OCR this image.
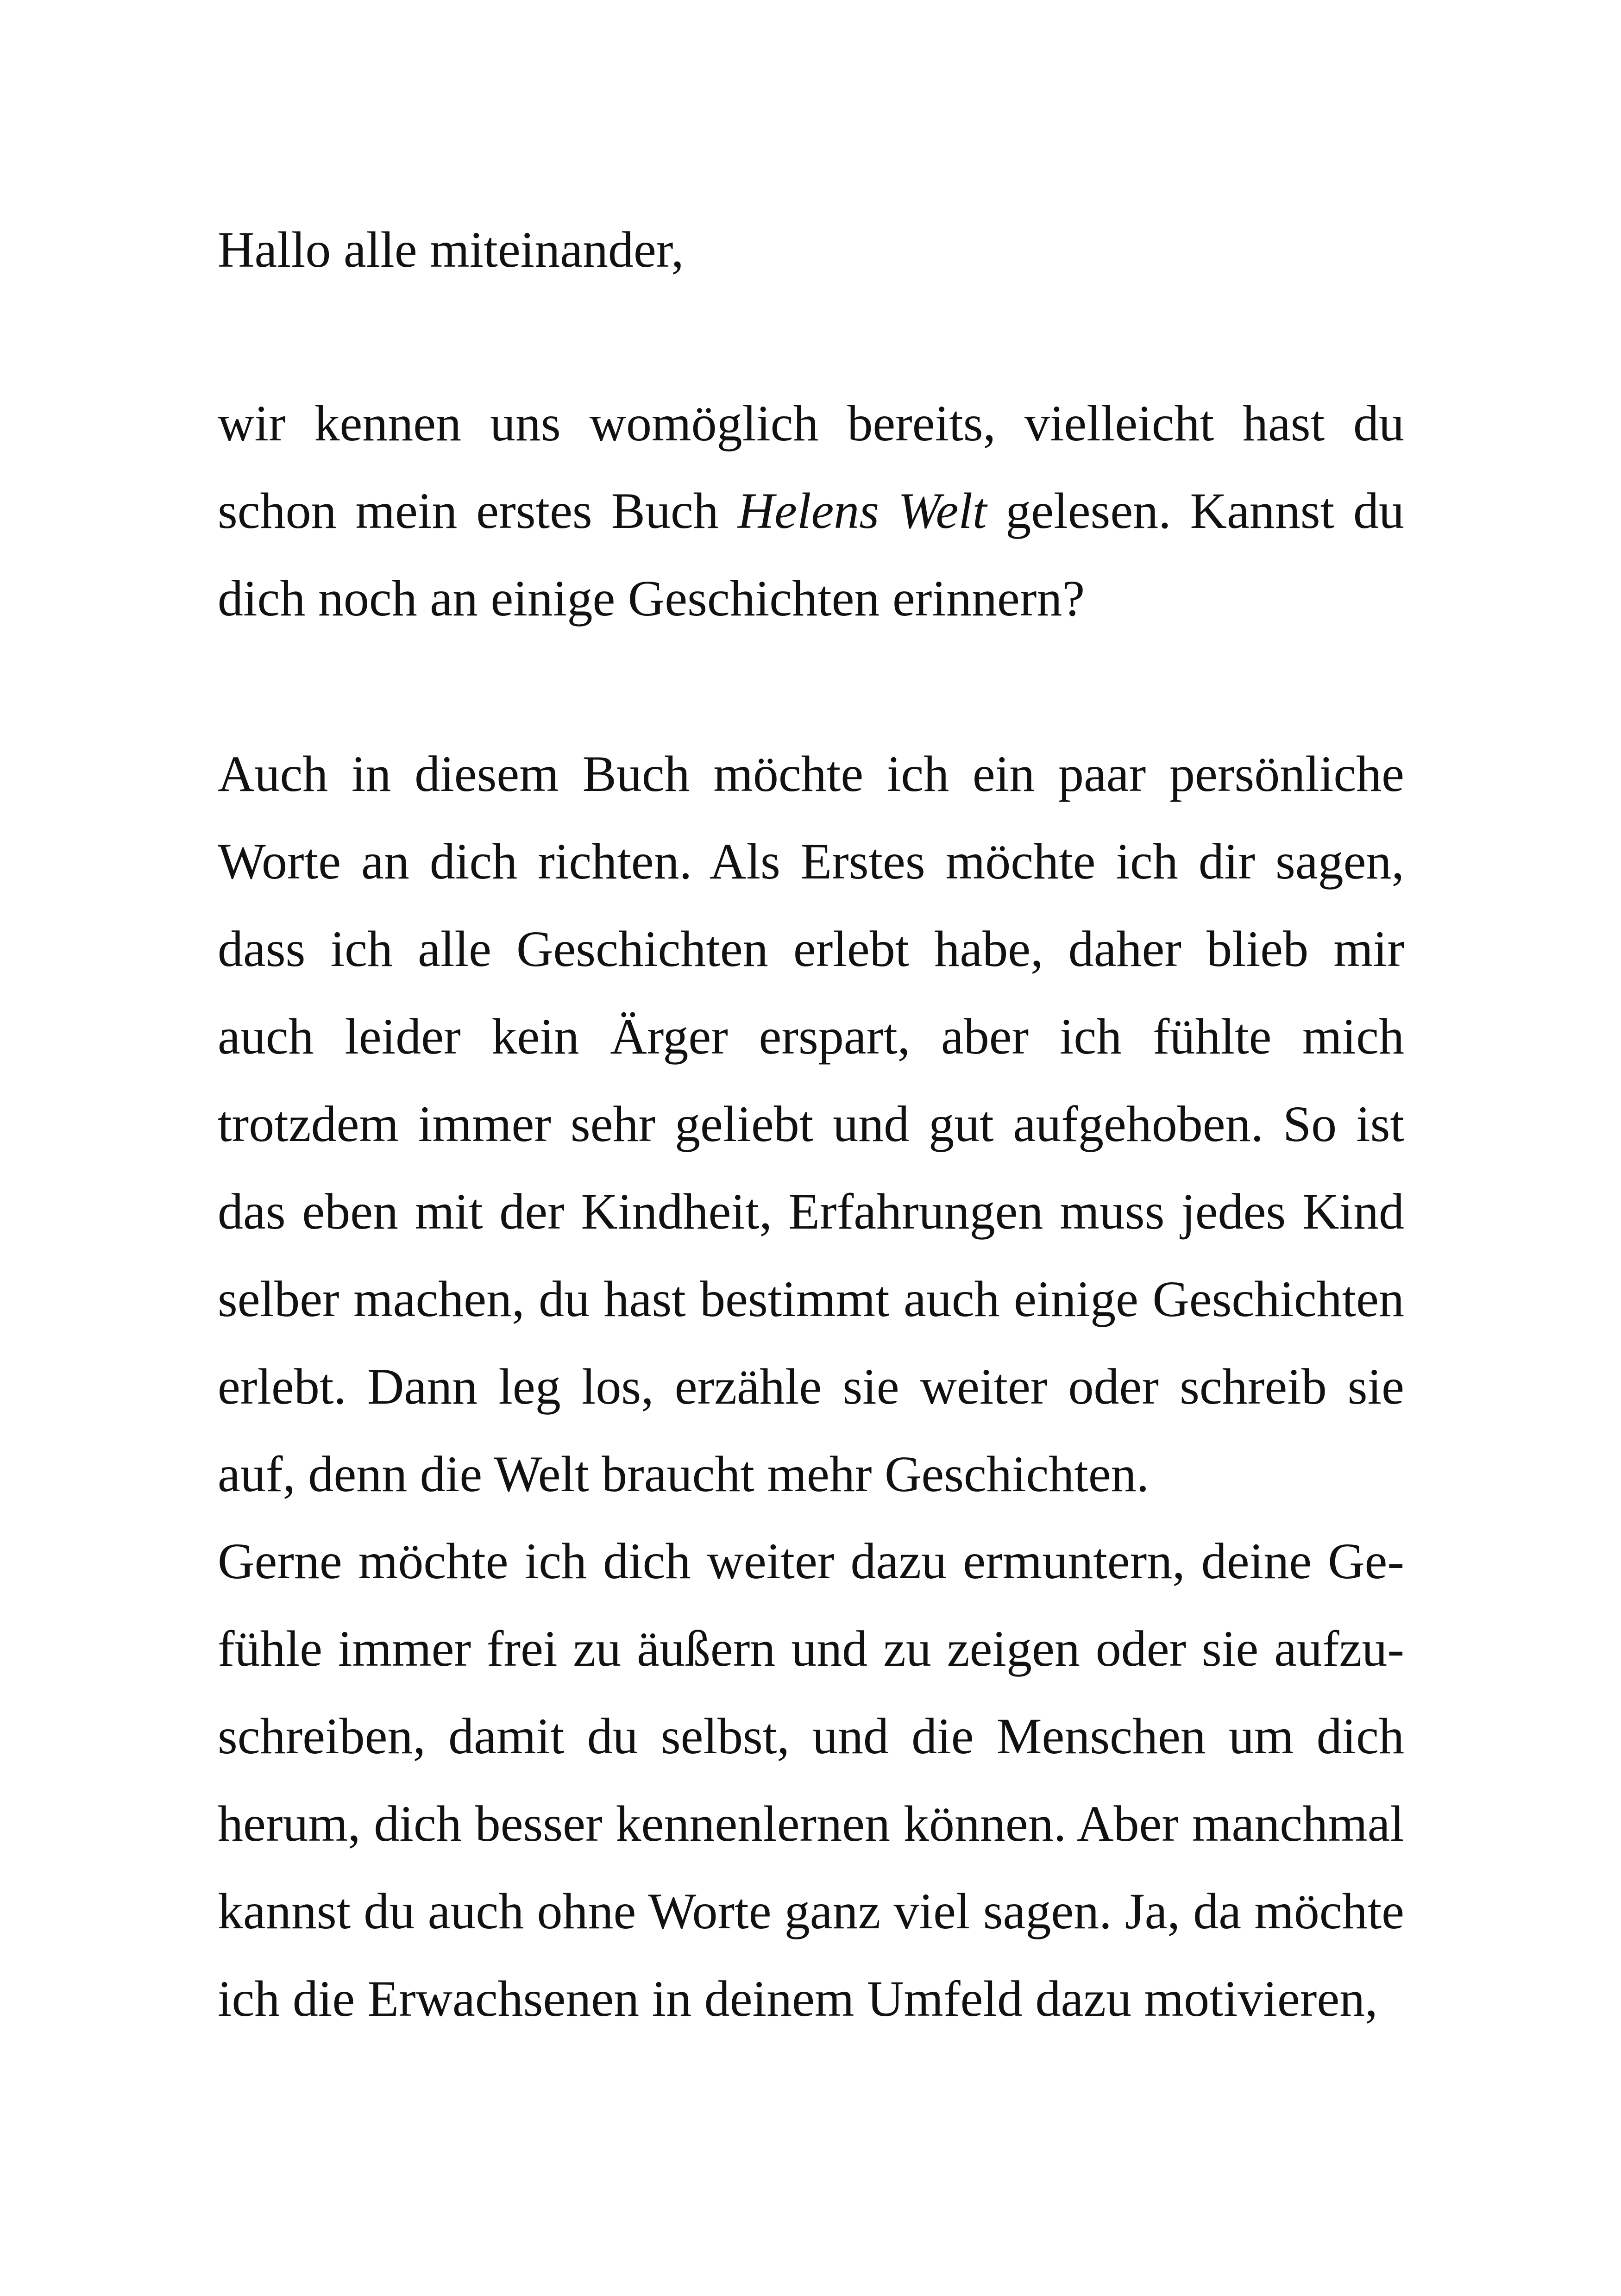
Hallo alle miteinander,

wir kennen uns womöglich bereits, vielleicht hast du schon mein erstes Buch Helens Welt gelesen. Kannst du dich noch an einige Geschichten erinnern?

Auch in diesem Buch möchte ich ein paar persönliche Worte an dich richten. Als Erstes möchte ich dir sagen, dass ich alle Geschichten erlebt habe, daher blieb mir auch leider kein Ärger erspart, aber ich fühlte mich trotzdem immer sehr geliebt und gut aufgehoben. So ist das eben mit der Kindheit, Erfahrungen muss jedes Kind selber machen, du hast bestimmt auch einige Geschichten erlebt. Dann leg los, erzähle sie weiter oder schreib sie auf, denn die Welt braucht mehr Geschichten.

Gerne möchte ich dich weiter dazu ermuntern, deine Gefühle immer frei zu äußern und zu zeigen oder sie aufzuschreiben, damit du selbst, und die Menschen um dich herum, dich besser kennenlernen können. Aber manchmal kannst du auch ohne Worte ganz viel sagen. Ja, da möchte ich die Erwachsenen in deinem Umfeld dazu motivieren,
